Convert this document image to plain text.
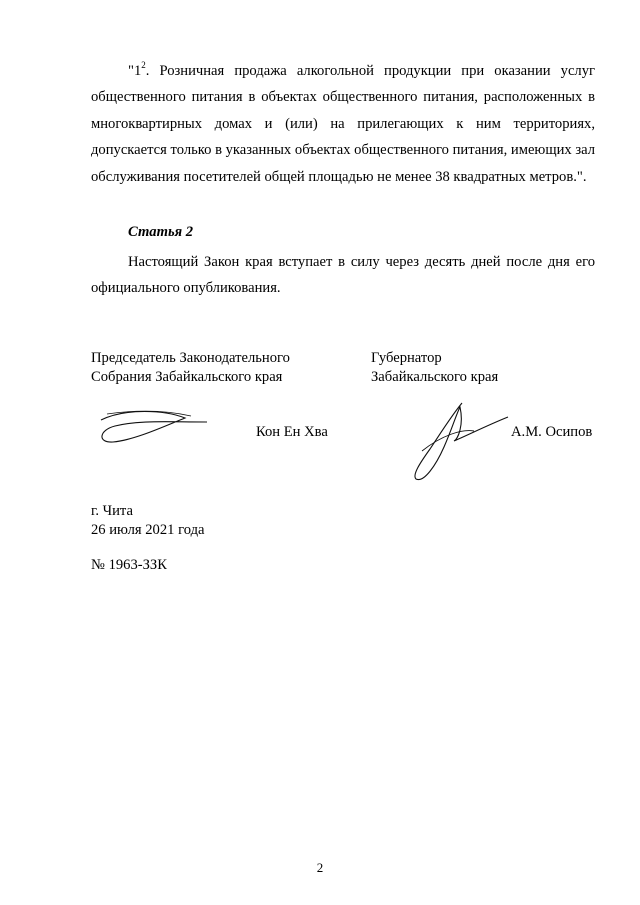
"$1^2$. Розничная продажа алкогольной продукции при оказании услуг общественного питания в объектах общественного питания, расположенных в многоквартирных домах и (или) на прилегающих к ним территориях, допускается только в указанных объектах общественного питания, имеющих зал обслуживания посетителей общей площадью не менее 38 квадратных метров.".

Статья 2

Настоящий Закон края вступает в силу через десять дней после дня его официального опубликования.

Председатель Законодательного
Собрания Забайкальского края
Губернатор
Забайкальского края
Кон Ен Хва	А.М. Осипов
г. Чита
26 июля 2021 года
№ 1963-ЗЗК
2
